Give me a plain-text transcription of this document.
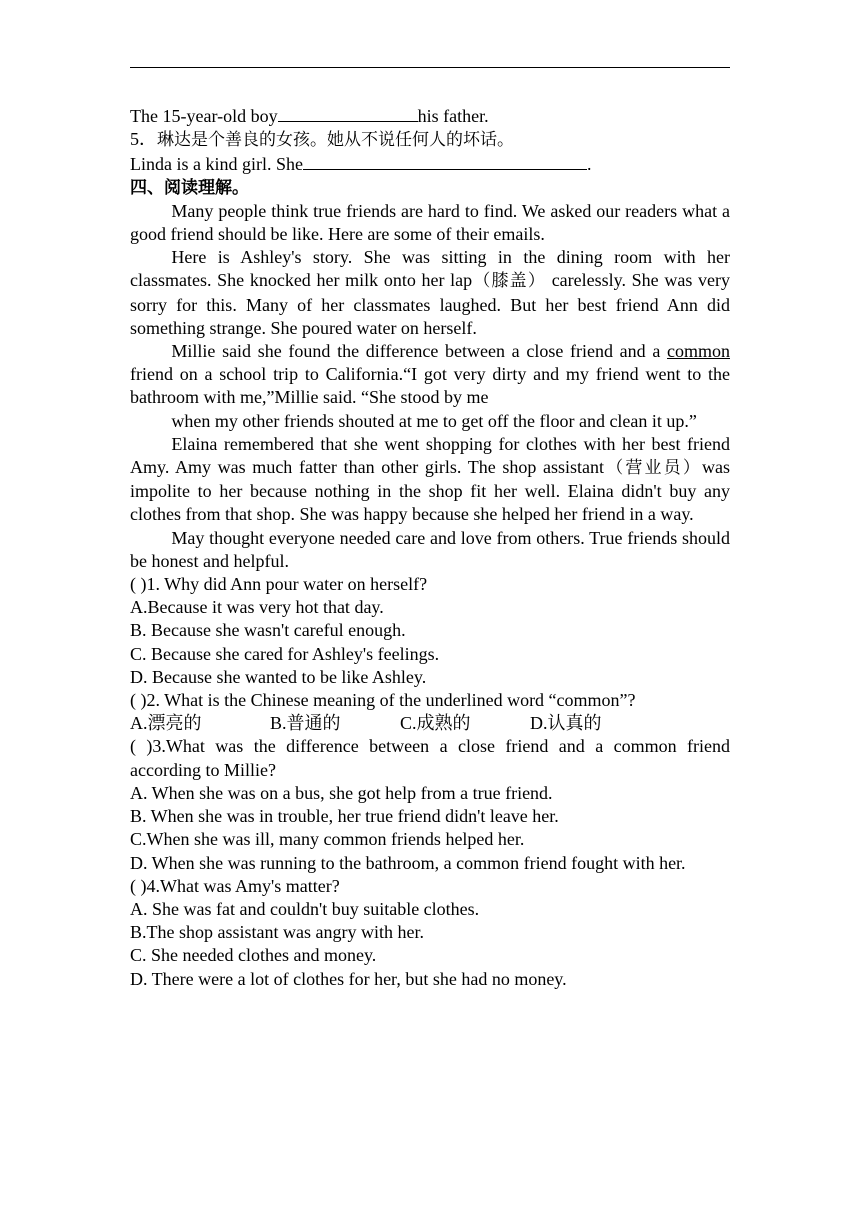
The 15-year-old boy	his father.
5．琳达是个善良的女孩。她从不说任何人的坏话。
Linda is a kind girl. She	.
四、阅读理解。
Many people think true friends are hard to find. We asked our readers what a good friend should be like. Here are some of their emails.
Here is Ashley's story. She was sitting in the dining room with her classmates. She knocked her milk onto her lap（膝盖） carelessly. She was very sorry for this. Many of her classmates laughed. But her best friend Ann did something strange. She poured water on herself.
Millie said she found the difference between a close friend and a common friend on a school trip to California.“I got very dirty and my friend went to the bathroom with me,”Millie said. “She stood by me
when my other friends shouted at me to get off the floor and clean it up.”
Elaina remembered that she went shopping for clothes with her best friend Amy. Amy was much fatter than other girls. The shop assistant（营业员）was impolite to her because nothing in the shop fit her well. Elaina didn't buy any clothes from that shop. She was happy because she helped her friend in a way.
May thought everyone needed care and love from others. True friends should be honest and helpful.
( )1. Why did Ann pour water on herself?
A.Because it was very hot that day.
B. Because she wasn't careful enough.
C. Because she cared for Ashley's feelings.
D. Because she wanted to be like Ashley.
( )2. What is the Chinese meaning of the underlined word “common”?
A.漂亮的	B.普通的	C.成熟的	D.认真的
( )3.What was the difference between a close friend and a common friend according to Millie?
A. When she was on a bus, she got help from a true friend.
B. When she was in trouble, her true friend didn't leave her.
C.When she was ill, many common friends helped her.
D. When she was running to the bathroom, a common friend fought with her.
( )4.What was Amy's matter?
A. She was fat and couldn't buy suitable clothes.
B.The shop assistant was angry with her.
C. She needed clothes and money.
D. There were a lot of clothes for her, but she had no money.
